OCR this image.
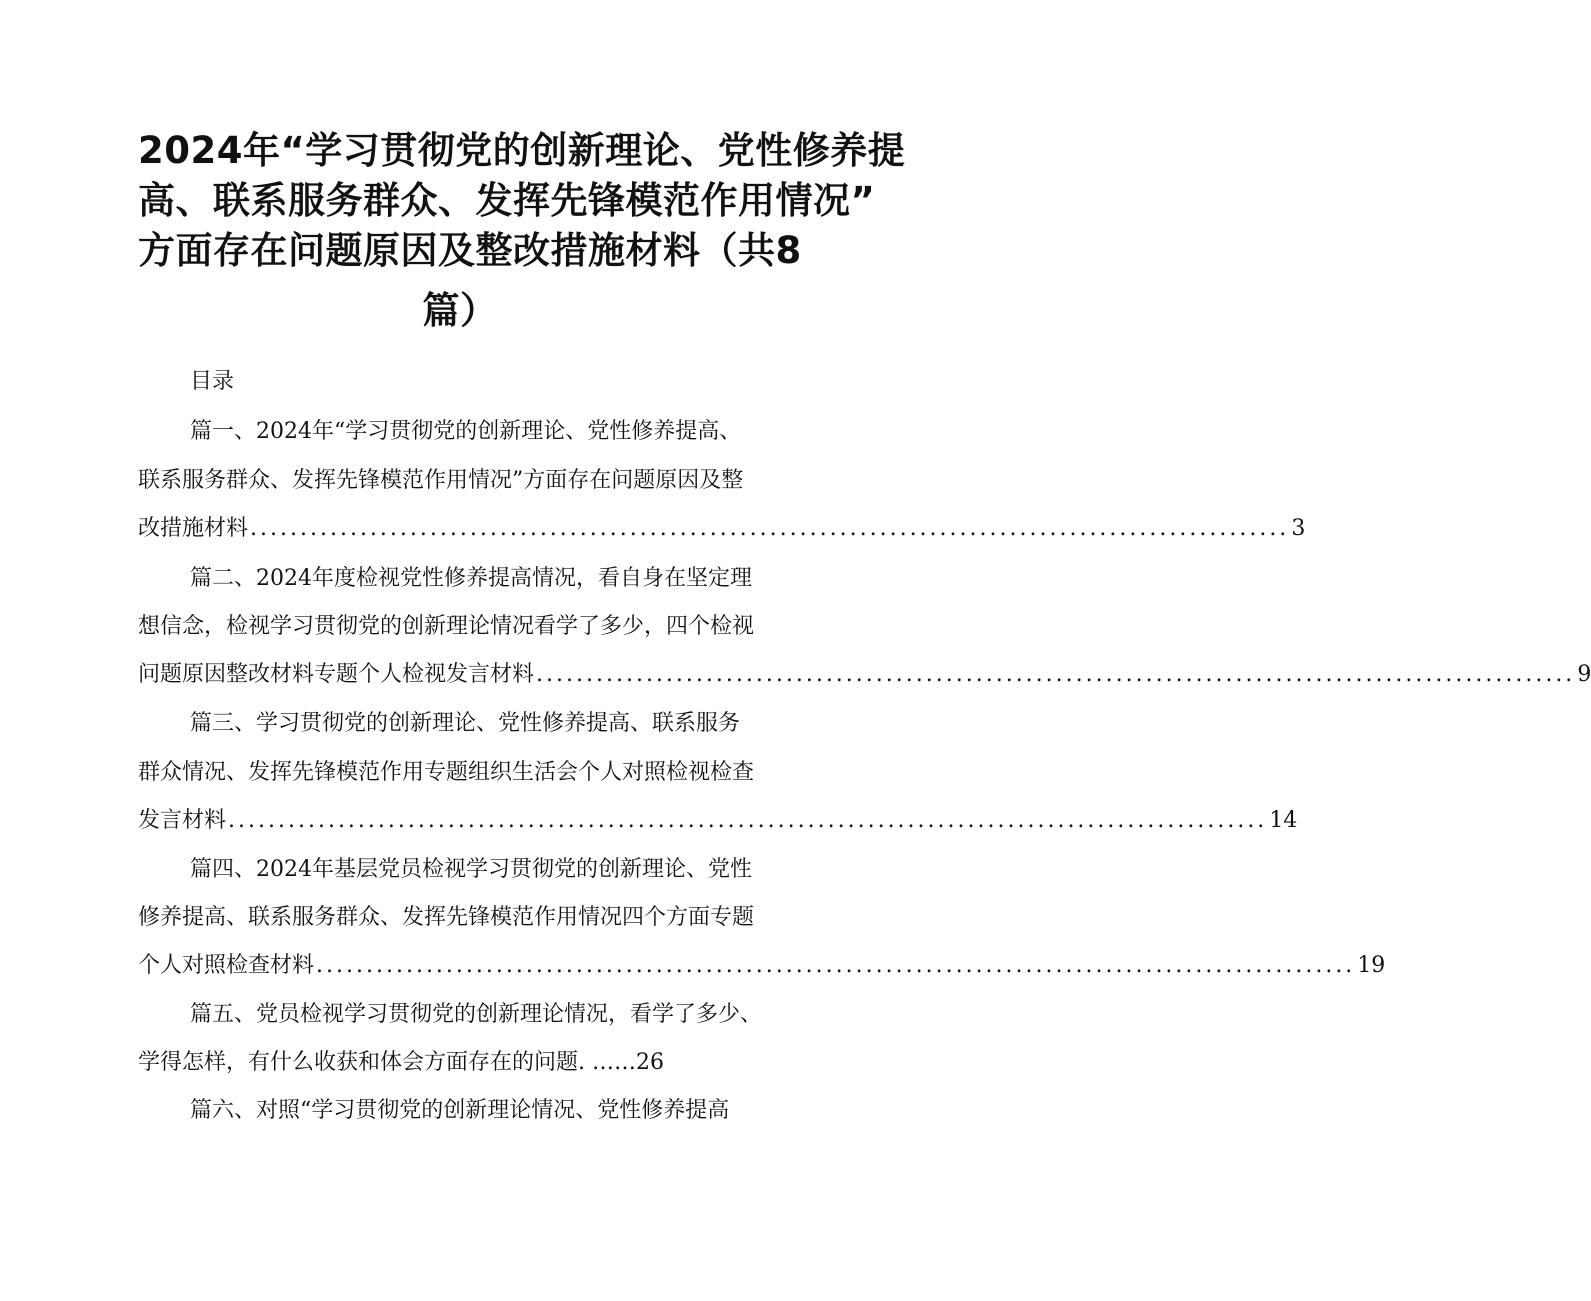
2024年“学习贯彻党的创新理论、党性修养提
高、联系服务群众、发挥先锋模范作用情况”
方面存在问题原因及整改措施材料（共8
篇）
目录
篇一、2024年“学习贯彻党的创新理论、党性修养提高、
联系服务群众、发挥先锋模范作用情况”方面存在问题原因及整
改措施材料 ........................................................................................................ 3
篇二、2024年度检视党性修养提高情况，看自身在坚定理
想信念，检视学习贯彻党的创新理论情况看学了多少，四个检视
问题原因整改材料专题个人检视发言材料 ........................................................................................................ 9
篇三、学习贯彻党的创新理论、党性修养提高、联系服务
群众情况、发挥先锋模范作用专题组织生活会个人对照检视检查
发言材料 ........................................................................................................ 14
篇四、2024年基层党员检视学习贯彻党的创新理论、党性
修养提高、联系服务群众、发挥先锋模范作用情况四个方面专题
个人对照检查材料 ........................................................................................................ 19
篇五、党员检视学习贯彻党的创新理论情况，看学了多少、
学得怎样，有什么收获和体会方面存在的问题. ……26
篇六、对照“学习贯彻党的创新理论情况、党性修养提高
